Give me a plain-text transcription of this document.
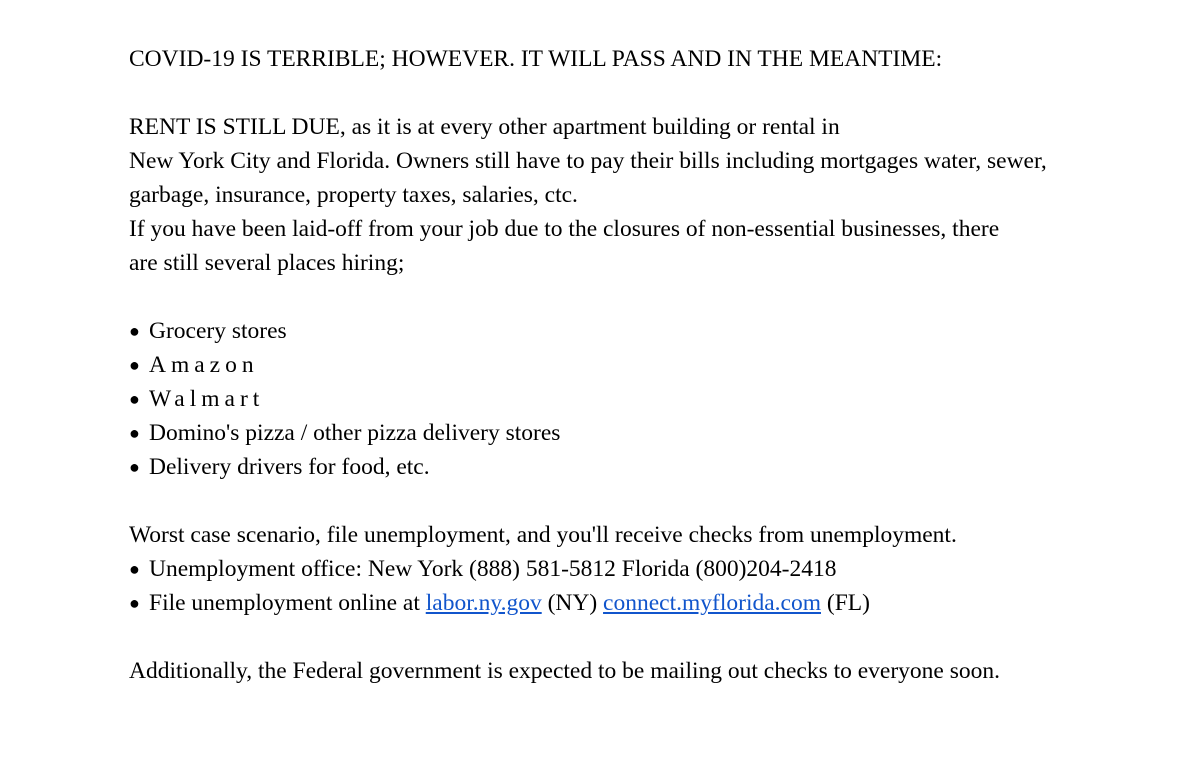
COVID-19 IS TERRIBLE; HOWEVER. IT WILL PASS AND IN THE MEANTIME:

RENT IS STILL DUE, as it is at every other apartment building or rental in
New York City and Florida. Owners still have to pay their bills including mortgages water, sewer,
garbage, insurance, property taxes, salaries, ctc.
If you have been laid-off from your job due to the closures of non-essential businesses, there
are still several places hiring;

● Grocery stores
● Amazon
● Walmart
● Domino's pizza / other pizza delivery stores
● Delivery drivers for food, etc.

Worst case scenario, file unemployment, and you'll receive checks from unemployment.

● Unemployment office: New York (888) 581-5812 Florida (800)204-2418
● File unemployment online at labor.ny.gov (NY) connect.myflorida.com (FL)

Additionally, the Federal government is expected to be mailing out checks to everyone soon.
